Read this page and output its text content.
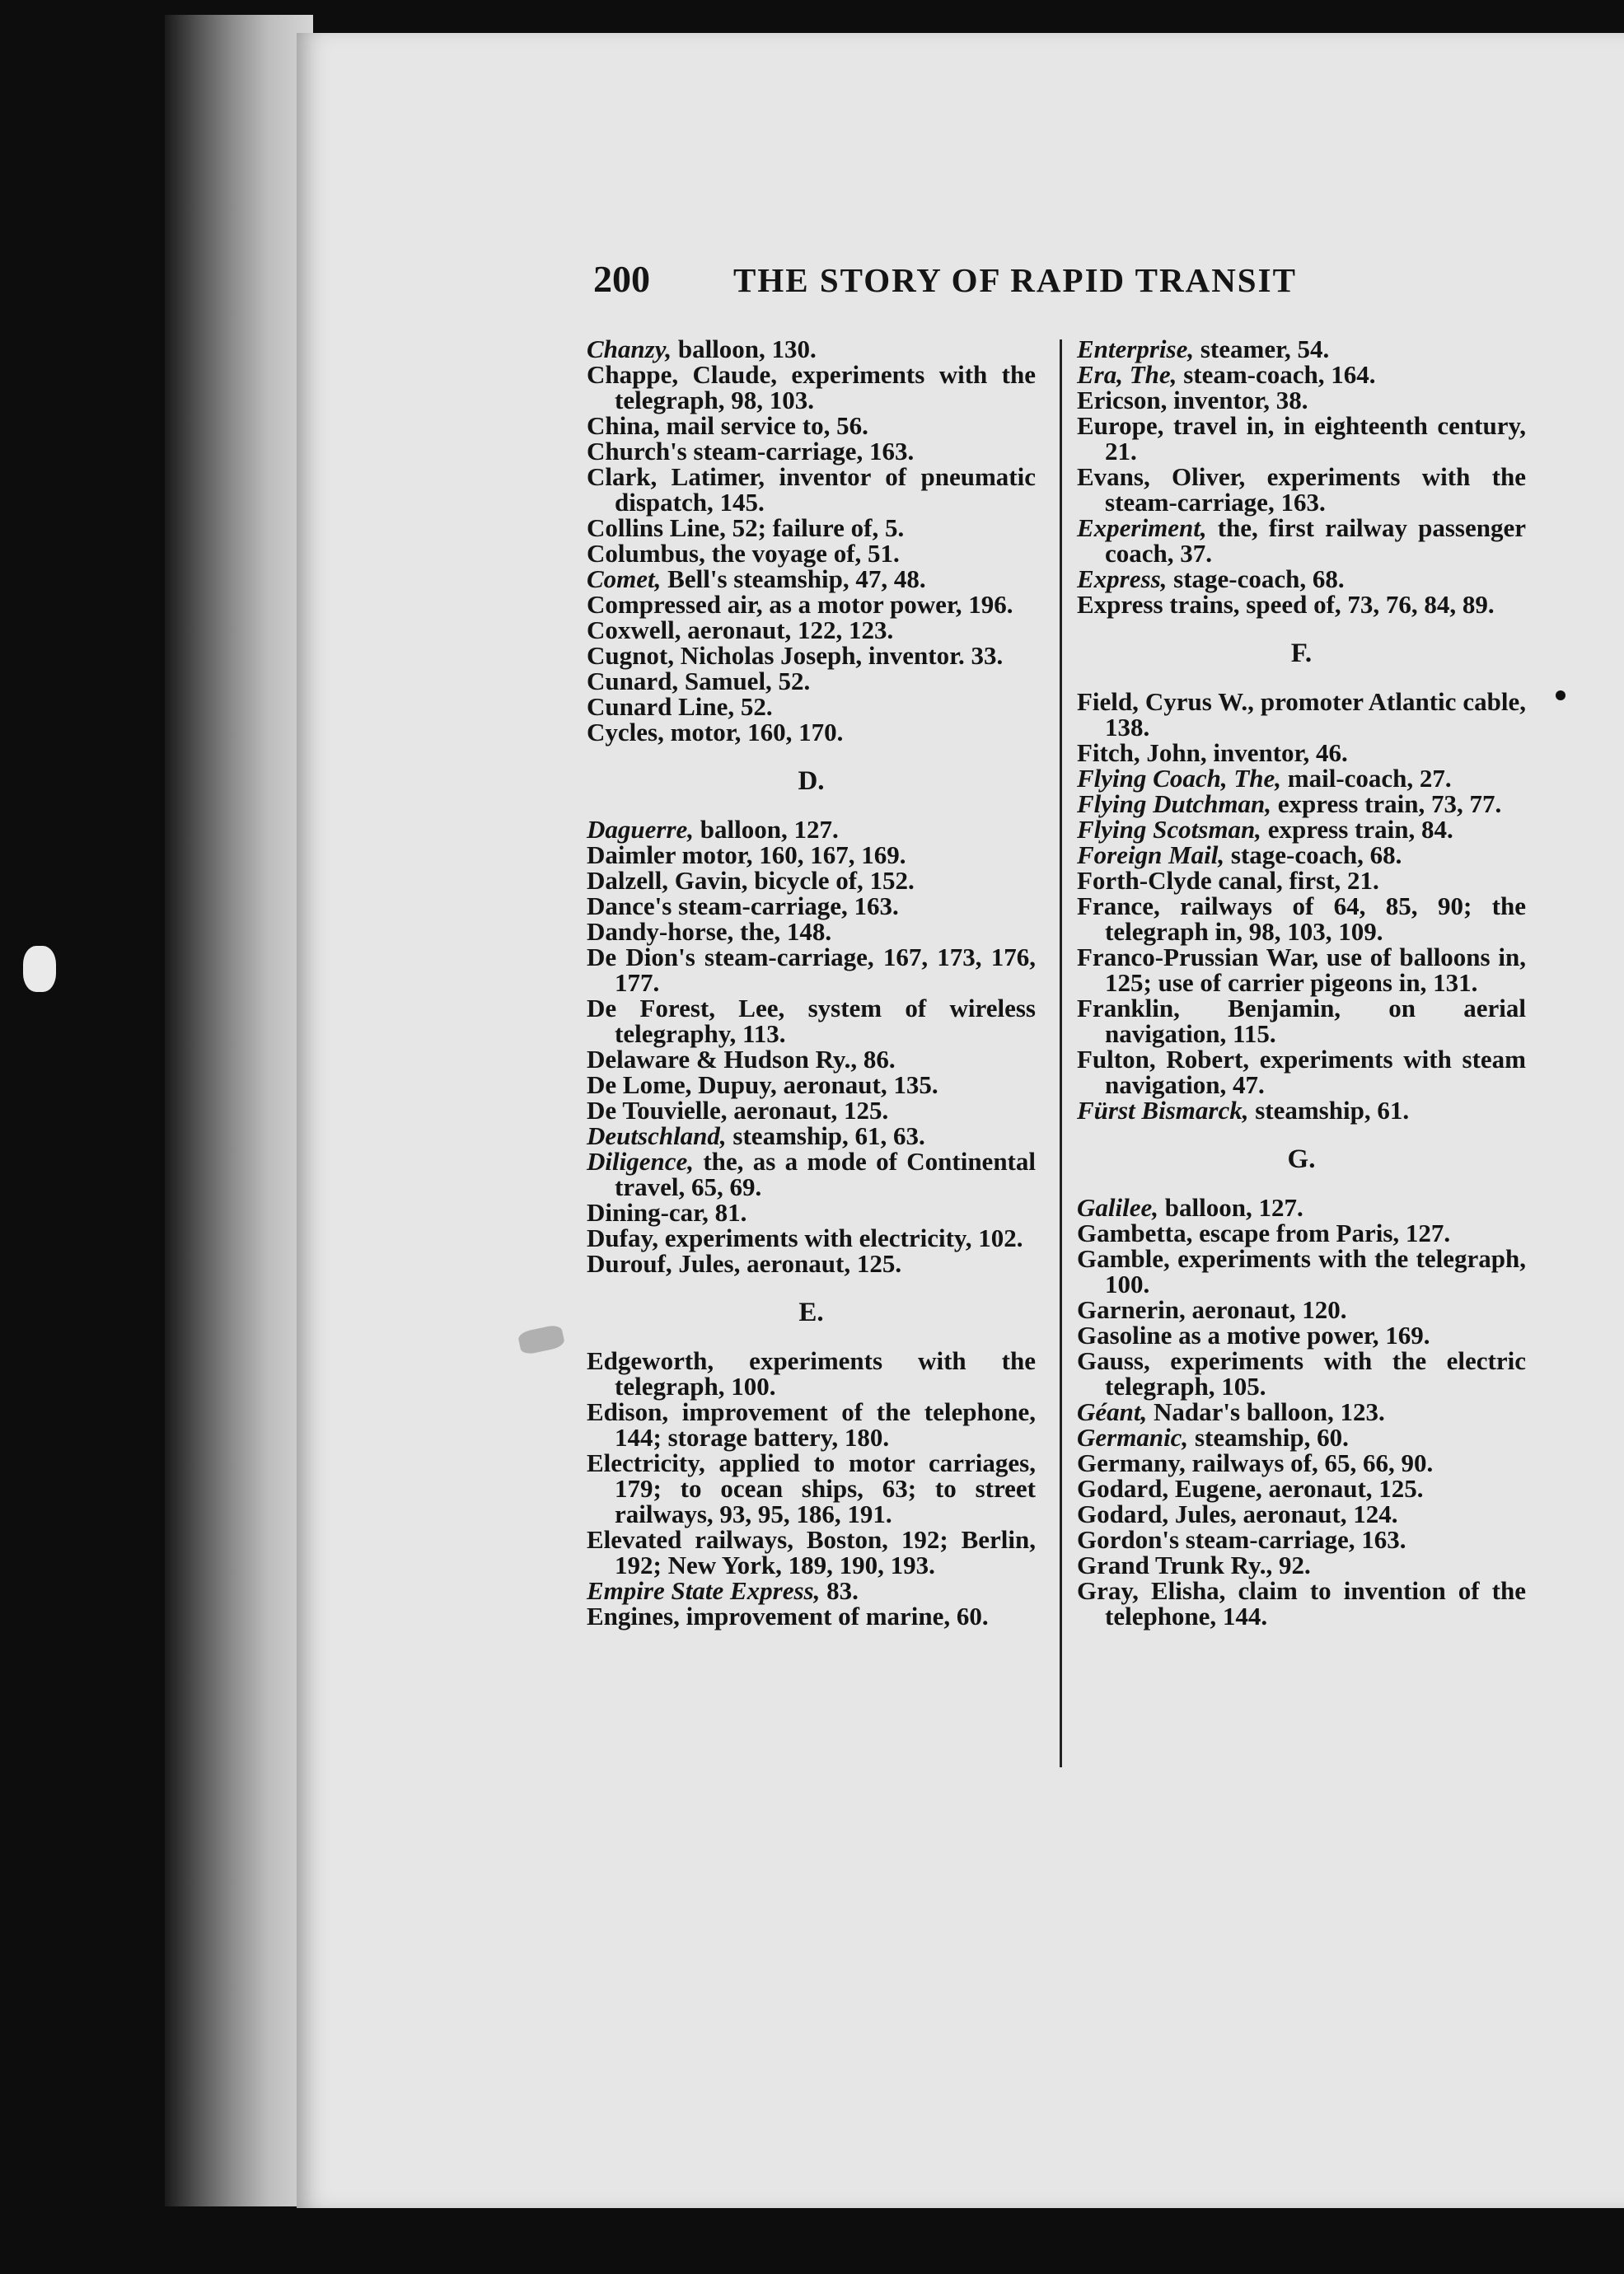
200	THE STORY OF RAPID TRANSIT
Chanzy, balloon, 130.
Chappe, Claude, experiments with the telegraph, 98, 103.
China, mail service to, 56.
Church's steam-carriage, 163.
Clark, Latimer, inventor of pneumatic dispatch, 145.
Collins Line, 52; failure of, 5.
Columbus, the voyage of, 51.
Comet, Bell's steamship, 47, 48.
Compressed air, as a motor power, 196.
Coxwell, aeronaut, 122, 123.
Cugnot, Nicholas Joseph, inventor. 33.
Cunard, Samuel, 52.
Cunard Line, 52.
Cycles, motor, 160, 170.
D.
Daguerre, balloon, 127.
Daimler motor, 160, 167, 169.
Dalzell, Gavin, bicycle of, 152.
Dance's steam-carriage, 163.
Dandy-horse, the, 148.
De Dion's steam-carriage, 167, 173, 176, 177.
De Forest, Lee, system of wireless telegraphy, 113.
Delaware & Hudson Ry., 86.
De Lome, Dupuy, aeronaut, 135.
De Touvielle, aeronaut, 125.
Deutschland, steamship, 61, 63.
Diligence, the, as a mode of Continental travel, 65, 69.
Dining-car, 81.
Dufay, experiments with electricity, 102.
Durouf, Jules, aeronaut, 125.
E.
Edgeworth, experiments with the telegraph, 100.
Edison, improvement of the telephone, 144; storage battery, 180.
Electricity, applied to motor carriages, 179; to ocean ships, 63; to street railways, 93, 95, 186, 191.
Elevated railways, Boston, 192; Berlin, 192; New York, 189, 190, 193.
Empire State Express, 83.
Engines, improvement of marine, 60.
Enterprise, steamer, 54.
Era, The, steam-coach, 164.
Ericson, inventor, 38.
Europe, travel in, in eighteenth century, 21.
Evans, Oliver, experiments with the steam-carriage, 163.
Experiment, the, first railway passenger coach, 37.
Express, stage-coach, 68.
Express trains, speed of, 73, 76, 84, 89.
F.
Field, Cyrus W., promoter Atlantic cable, 138.
Fitch, John, inventor, 46.
Flying Coach, The, mail-coach, 27.
Flying Dutchman, express train, 73, 77.
Flying Scotsman, express train, 84.
Foreign Mail, stage-coach, 68.
Forth-Clyde canal, first, 21.
France, railways of 64, 85, 90; the telegraph in, 98, 103, 109.
Franco-Prussian War, use of balloons in, 125; use of carrier pigeons in, 131.
Franklin, Benjamin, on aerial navigation, 115.
Fulton, Robert, experiments with steam navigation, 47.
Fürst Bismarck, steamship, 61.
G.
Galilee, balloon, 127.
Gambetta, escape from Paris, 127.
Gamble, experiments with the telegraph, 100.
Garnerin, aeronaut, 120.
Gasoline as a motive power, 169.
Gauss, experiments with the electric telegraph, 105.
Géant, Nadar's balloon, 123.
Germanic, steamship, 60.
Germany, railways of, 65, 66, 90.
Godard, Eugene, aeronaut, 125.
Godard, Jules, aeronaut, 124.
Gordon's steam-carriage, 163.
Grand Trunk Ry., 92.
Gray, Elisha, claim to invention of the telephone, 144.
